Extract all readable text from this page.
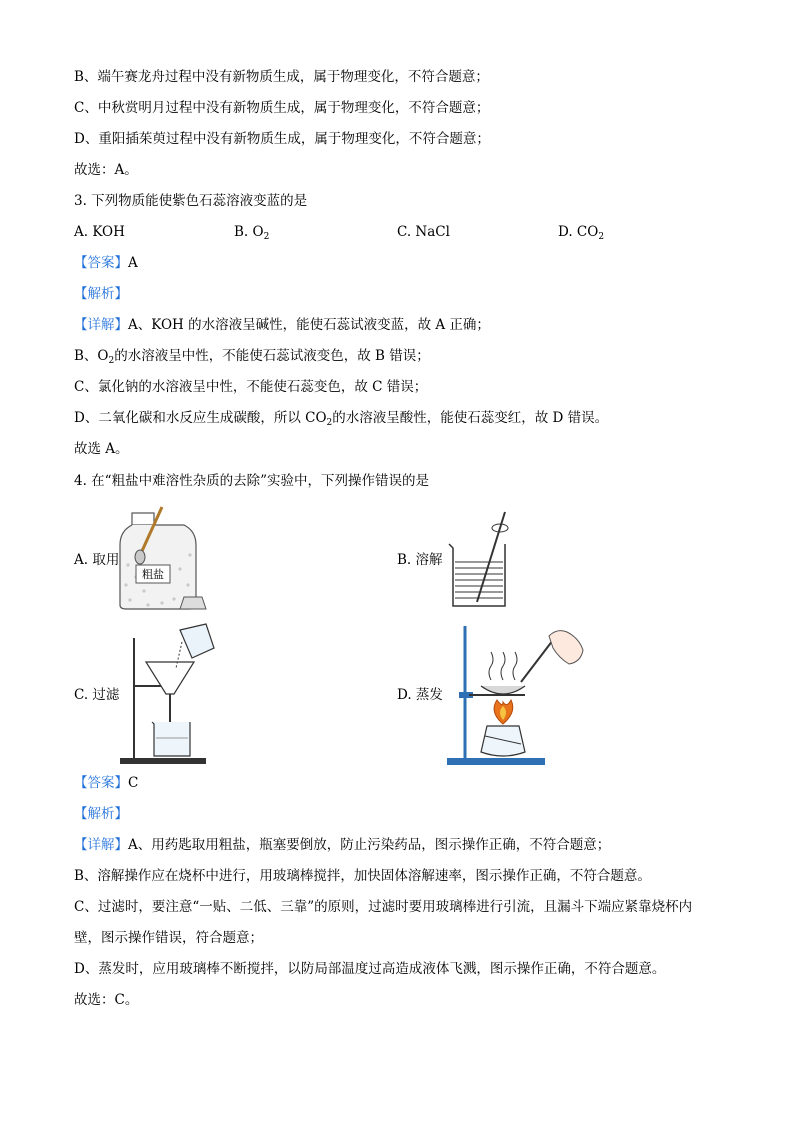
B、端午赛龙舟过程中没有新物质生成，属于物理变化，不符合题意；
C、中秋赏明月过程中没有新物质生成，属于物理变化，不符合题意；
D、重阳插茱萸过程中没有新物质生成，属于物理变化，不符合题意；
故选：A。
3. 下列物质能使紫色石蕊溶液变蓝的是
A. KOH	B. $O_2$	C. NaCl	D. $CO_2$
【答案】A
【解析】
【详解】A、KOH 的水溶液呈碱性，能使石蕊试液变蓝，故 A 正确；
B、$O_2$的水溶液呈中性，不能使石蕊试液变色，故 B 错误；
C、氯化钠的水溶液呈中性，不能使石蕊变色，故 C 错误；
D、二氧化碳和水反应生成碳酸，所以 $CO_2$的水溶液呈酸性，能使石蕊变红，故 D 错误。
故选 A。
4. 在“粗盐中难溶性杂质的去除”实验中，下列操作错误的是
A. 取用
粗盐
B. 溶解
C. 过滤	D. 蒸发
【答案】C
【解析】
【详解】A、用药匙取用粗盐，瓶塞要倒放，防止污染药品，图示操作正确，不符合题意；
B、溶解操作应在烧杯中进行，用玻璃棒搅拌，加快固体溶解速率，图示操作正确，不符合题意。
C、过滤时，要注意“一贴、二低、三靠”的原则，过滤时要用玻璃棒进行引流，且漏斗下端应紧靠烧杯内
壁，图示操作错误，符合题意；
D、蒸发时，应用玻璃棒不断搅拌，以防局部温度过高造成液体飞溅，图示操作正确，不符合题意。
故选：C。
